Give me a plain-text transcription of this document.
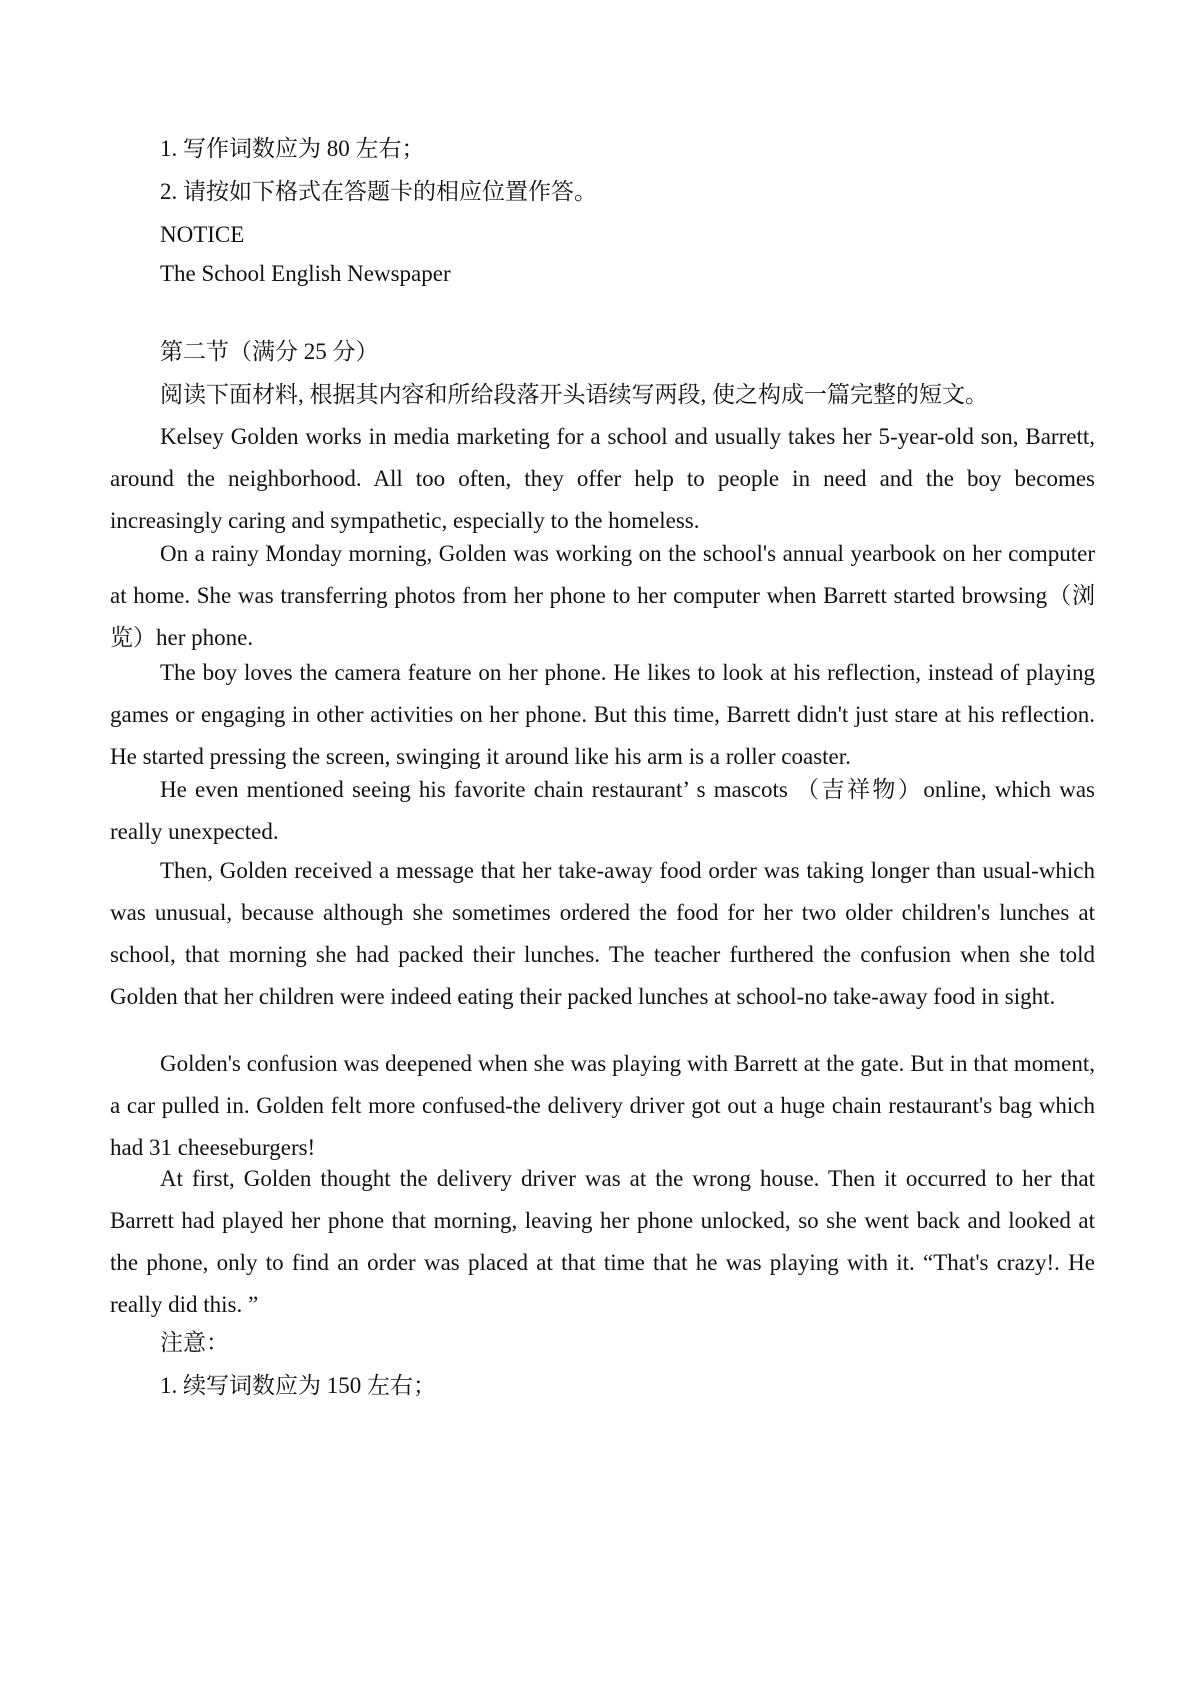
1. 写作词数应为 80 左右；
2. 请按如下格式在答题卡的相应位置作答。
NOTICE
The School English Newspaper
第二节（满分 25 分）
阅读下面材料, 根据其内容和所给段落开头语续写两段, 使之构成一篇完整的短文。

Kelsey Golden works in media marketing for a school and usually takes her 5-year-old son, Barrett, around the neighborhood. All too often, they offer help to people in need and the boy becomes increasingly caring and sympathetic, especially to the homeless.

On a rainy Monday morning, Golden was working on the school's annual yearbook on her computer at home. She was transferring photos from her phone to her computer when Barrett started browsing（浏览）her phone.

The boy loves the camera feature on her phone. He likes to look at his reflection, instead of playing games or engaging in other activities on her phone. But this time, Barrett didn't just stare at his reflection. He started pressing the screen, swinging it around like his arm is a roller coaster.

He even mentioned seeing his favorite chain restaurant’ s mascots （吉祥物）online, which was really unexpected.

Then, Golden received a message that her take-away food order was taking longer than usual-which was unusual, because although she sometimes ordered the food for her two older children's lunches at school, that morning she had packed their lunches. The teacher furthered the confusion when she told Golden that her children were indeed eating their packed lunches at school-no take-away food in sight.

Golden's confusion was deepened when she was playing with Barrett at the gate. But in that moment, a car pulled in. Golden felt more confused-the delivery driver got out a huge chain restaurant's bag which had 31 cheeseburgers!

At first, Golden thought the delivery driver was at the wrong house. Then it occurred to her that Barrett had played her phone that morning, leaving her phone unlocked, so she went back and looked at the phone, only to find an order was placed at that time that he was playing with it. “That's crazy!. He really did this. ”

注意：
1. 续写词数应为 150 左右；
